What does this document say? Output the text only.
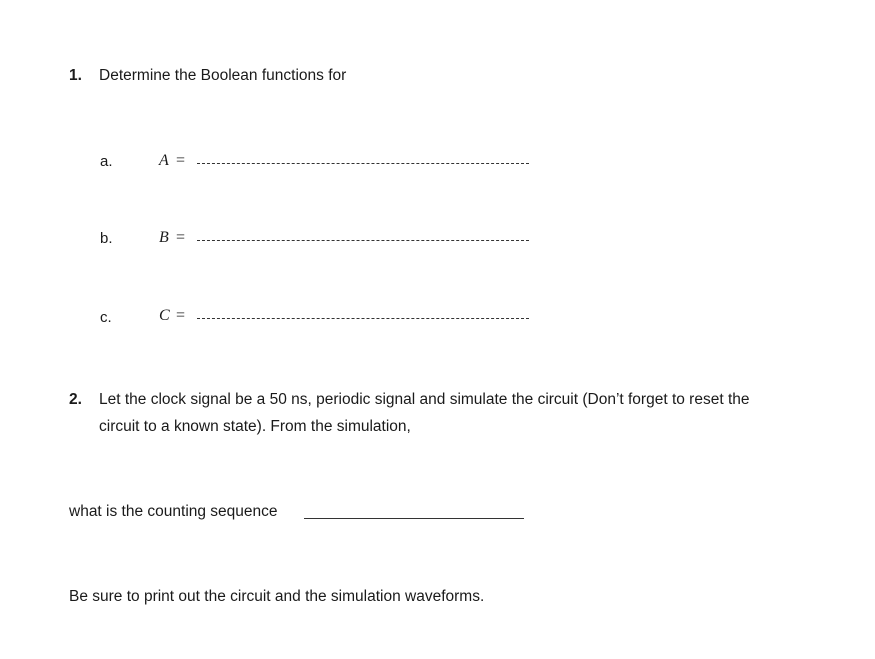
1. Determine the Boolean functions for
a.	A =
b.	B =
c.	C =
2. Let the clock signal be a 50 ns, periodic signal and simulate the circuit (Don’t forget to reset the
circuit to a known state). From the simulation,
what is the counting sequence
Be sure to print out the circuit and the simulation waveforms.
